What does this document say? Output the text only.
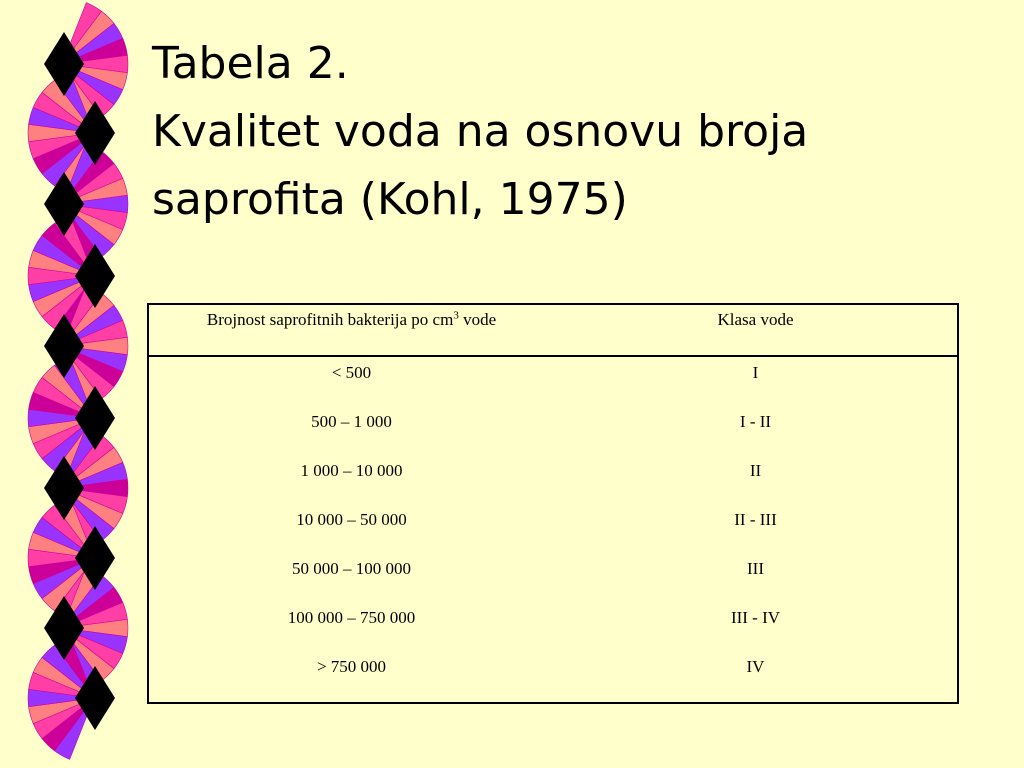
Tabela 2.
Kvalitet voda na osnovu broja
saprofita (Kohl, 1975)
Brojnost saprofitnih bakterija po $cm^3$ vode	Klasa vode
< 500	I
500 – 1 000	I - II
1 000 – 10 000	II
10 000 – 50 000	II - III
50 000 – 100 000	III
100 000 – 750 000	III - IV
> 750 000	IV
